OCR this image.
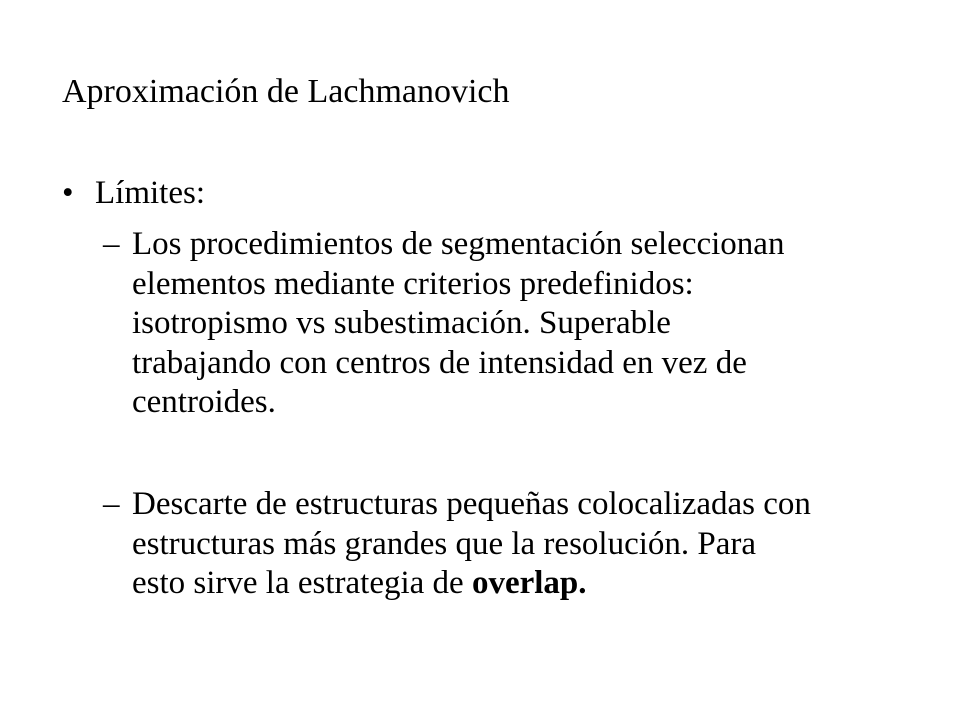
Aproximación de Lachmanovich
• Límites:
– Los procedimientos de segmentación seleccionan
elementos mediante criterios predefinidos:
isotropismo vs subestimación. Superable
trabajando con centros de intensidad en vez de
centroides.
– Descarte de estructuras pequeñas colocalizadas con
estructuras más grandes que la resolución. Para
esto sirve la estrategia de overlap.
